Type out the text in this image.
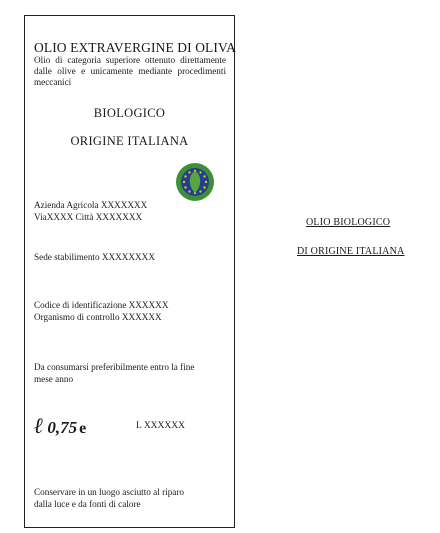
OLIO EXTRAVERGINE DI OLIVA
Olio di categoria superiore ottenuto direttamente dalle olive e unicamente mediante procedimenti meccanici
BIOLOGICO
ORIGINE ITALIANA
Azienda Agricola XXXXXXX
ViaXXXX Città XXXXXXX
Sede stabilimento XXXXXXXX
Codice di identificazione XXXXXX
Organismo di controllo XXXXXX
Da consumarsi preferibilmente entro la fine
mese anno
ℓ 0,75 e	L XXXXXX
Conservare in un luogo asciutto al riparo
dalla luce e da fonti di calore
OLIO BIOLOGICO
DI ORIGINE ITALIANA
